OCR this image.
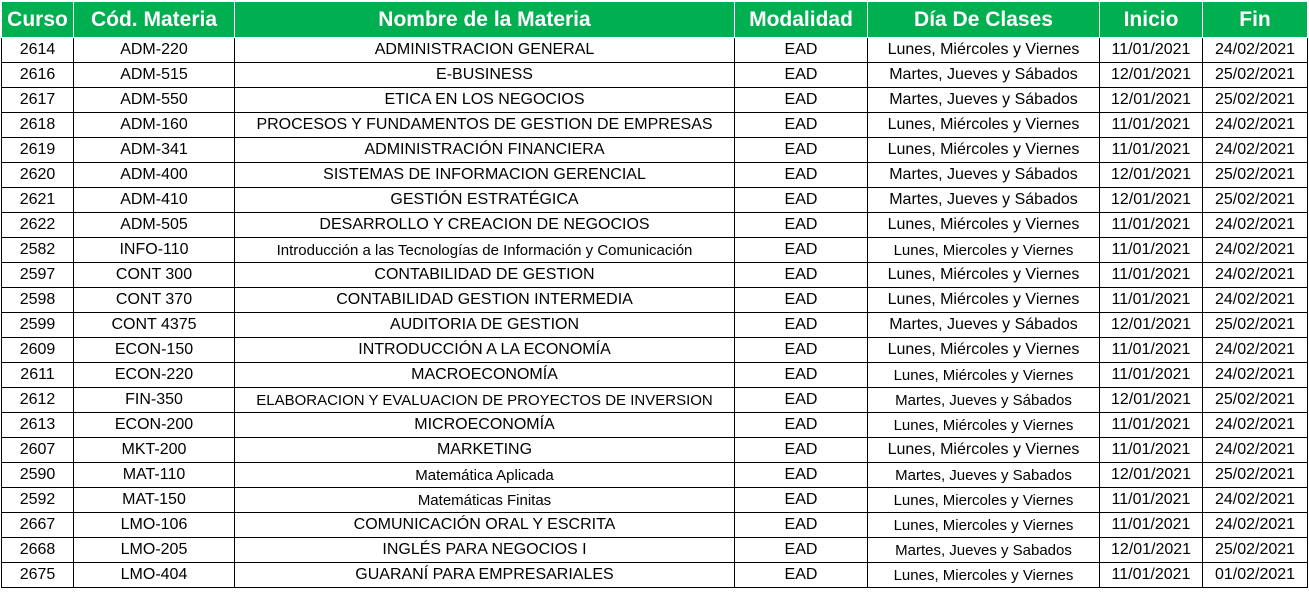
Curso	Cód. Materia	Nombre de la Materia	Modalidad	Día De Clases	Inicio	Fin
2614	ADM-220	ADMINISTRACION GENERAL	EAD	Lunes, Miércoles y Viernes	11/01/2021	24/02/2021
2616	ADM-515	E-BUSINESS	EAD	Martes, Jueves y Sábados	12/01/2021	25/02/2021
2617	ADM-550	ETICA EN LOS NEGOCIOS	EAD	Martes, Jueves y Sábados	12/01/2021	25/02/2021
2618	ADM-160	PROCESOS Y FUNDAMENTOS DE GESTION DE EMPRESAS	EAD	Lunes, Miércoles y Viernes	11/01/2021	24/02/2021
2619	ADM-341	ADMINISTRACIÓN FINANCIERA	EAD	Lunes, Miércoles y Viernes	11/01/2021	24/02/2021
2620	ADM-400	SISTEMAS DE INFORMACION GERENCIAL	EAD	Martes, Jueves y Sábados	12/01/2021	25/02/2021
2621	ADM-410	GESTIÓN ESTRATÉGICA	EAD	Martes, Jueves y Sábados	12/01/2021	25/02/2021
2622	ADM-505	DESARROLLO Y CREACION DE NEGOCIOS	EAD	Lunes, Miércoles y Viernes	11/01/2021	24/02/2021
2582	INFO-110	Introducción a las Tecnologías de Información y Comunicación	EAD	Lunes, Miercoles y Viernes	11/01/2021	24/02/2021
2597	CONT 300	CONTABILIDAD DE GESTION	EAD	Lunes, Miércoles y Viernes	11/01/2021	24/02/2021
2598	CONT 370	CONTABILIDAD GESTION INTERMEDIA	EAD	Lunes, Miércoles y Viernes	11/01/2021	24/02/2021
2599	CONT 4375	AUDITORIA DE GESTION	EAD	Martes, Jueves y Sábados	12/01/2021	25/02/2021
2609	ECON-150	INTRODUCCIÓN A LA ECONOMÍA	EAD	Lunes, Miércoles y Viernes	11/01/2021	24/02/2021
2611	ECON-220	MACROECONOMÍA	EAD	Lunes, Miércoles y Viernes	11/01/2021	24/02/2021
2612	FIN-350	ELABORACION Y EVALUACION DE PROYECTOS DE INVERSION	EAD	Martes, Jueves y Sábados	12/01/2021	25/02/2021
2613	ECON-200	MICROECONOMÍA	EAD	Lunes, Miércoles y Viernes	11/01/2021	24/02/2021
2607	MKT-200	MARKETING	EAD	Lunes, Miércoles y Viernes	11/01/2021	24/02/2021
2590	MAT-110	Matemática Aplicada	EAD	Martes, Jueves y Sabados	12/01/2021	25/02/2021
2592	MAT-150	Matemáticas Finitas	EAD	Lunes, Miercoles y Viernes	11/01/2021	24/02/2021
2667	LMO-106	COMUNICACIÓN ORAL Y ESCRITA	EAD	Lunes, Miercoles y Viernes	11/01/2021	24/02/2021
2668	LMO-205	INGLÉS PARA NEGOCIOS I	EAD	Martes, Jueves y Sabados	12/01/2021	25/02/2021
2675	LMO-404	GUARANÍ PARA EMPRESARIALES	EAD	Lunes, Miercoles y Viernes	11/01/2021	01/02/2021
